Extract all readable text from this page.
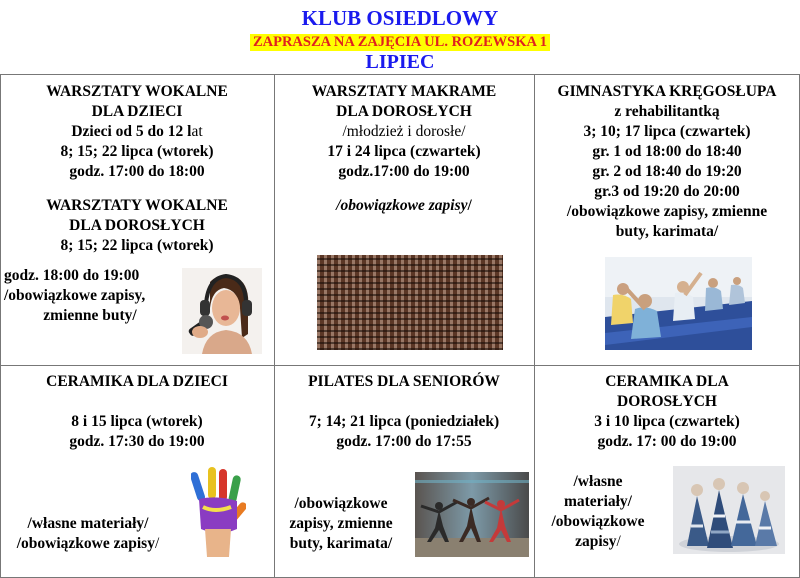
KLUB OSIEDLOWY
ZAPRASZA NA ZAJĘCIA UL. ROZEWSKA 1
LIPIEC
WARSZTATY WOKALNE
DLA DZIECI
Dzieci od 5 do 12 lat
8; 15; 22 lipca (wtorek)
godz. 17:00 do 18:00
WARSZTATY WOKALNE
DLA DOROSŁYCH
8; 15; 22 lipca (wtorek)
godz. 18:00 do 19:00
/obowiązkowe zapisy,
zmienne buty/
WARSZTATY MAKRAME
DLA DOROSŁYCH
/młodzież i dorosłe/
17 i 24 lipca (czwartek)
godz.17:00 do 19:00
/obowiązkowe zapisy/
GIMNASTYKA KRĘGOSŁUPA
z rehabilitantką
3; 10; 17 lipca (czwartek)
gr. 1 od 18:00 do 18:40
gr. 2 od 18:40 do 19:20
gr.3 od 19:20 do 20:00
/obowiązkowe zapisy, zmienne
buty, karimata/
CERAMIKA DLA DZIECI
8 i 15 lipca (wtorek)
godz. 17:30 do 19:00
/własne materiały/
/obowiązkowe zapisy/
PILATES DLA SENIORÓW
7; 14; 21 lipca (poniedziałek)
godz. 17:00 do 17:55
/obowiązkowe
zapisy, zmienne
buty, karimata/
CERAMIKA DLA
DOROSŁYCH
3 i 10 lipca (czwartek)
godz. 17: 00 do 19:00
/własne
materiały/
/obowiązkowe
zapisy/
